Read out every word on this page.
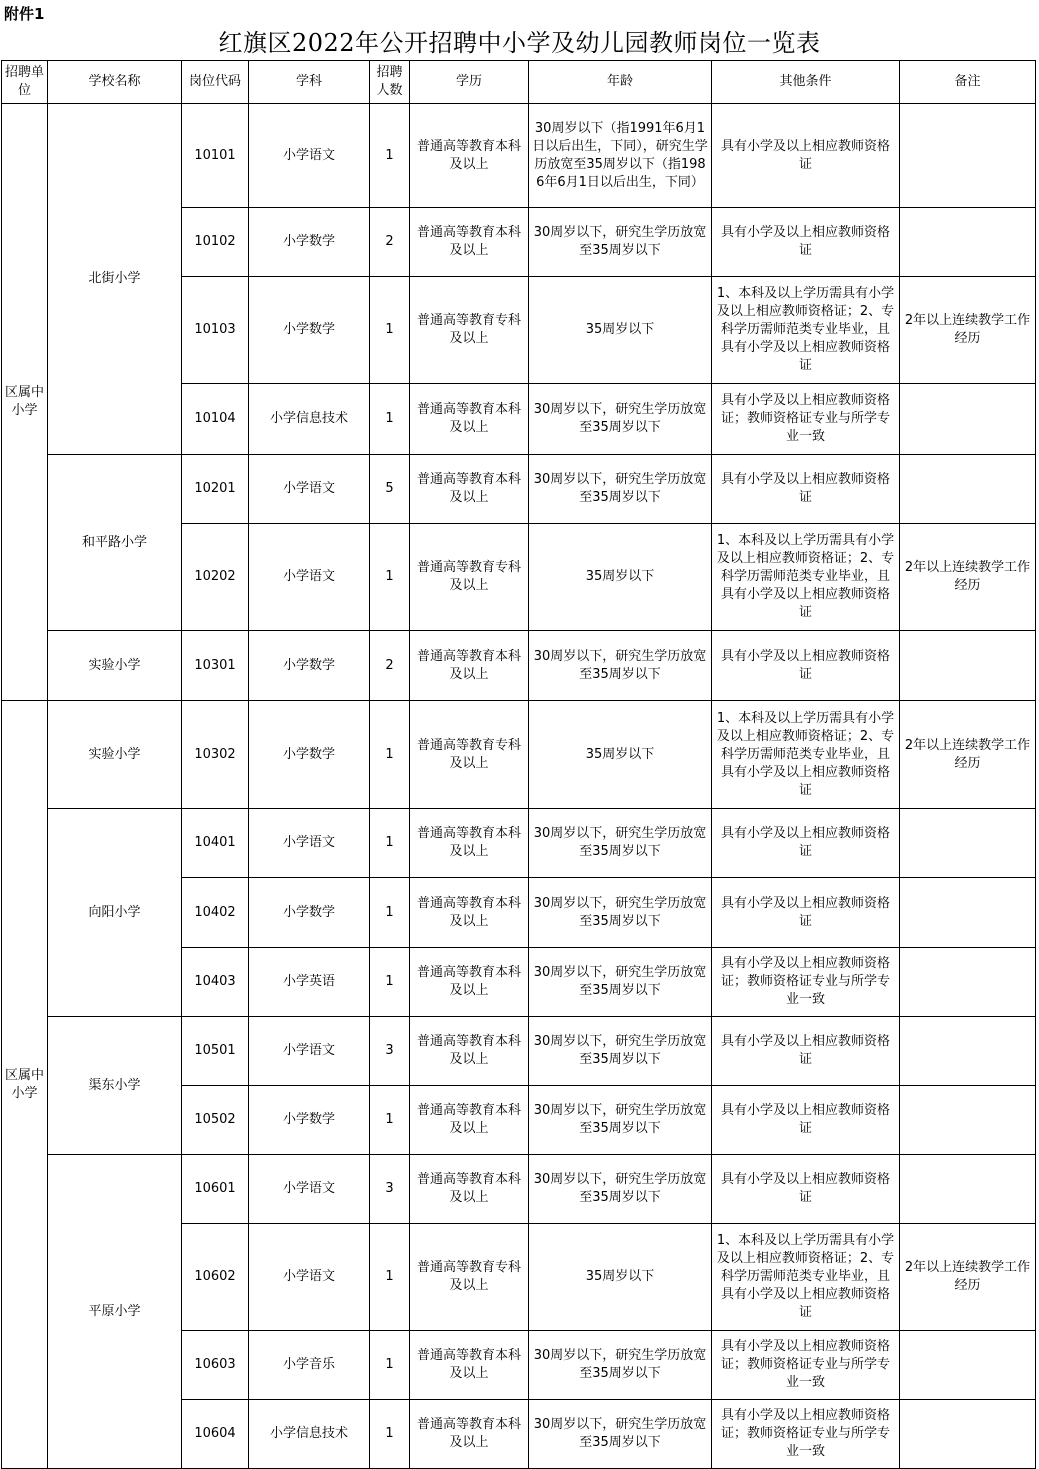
附件1
红旗区2022年公开招聘中小学及幼儿园教师岗位一览表
招聘单位	学校名称	岗位代码	学科	招聘人数	学历	年龄	其他条件	备注
区属中小学	北街小学	10101	小学语文	1	普通高等教育本科及以上	30周岁以下（指1991年6月1日以后出生，下同），研究生学历放宽至35周岁以下（指1986年6月1日以后出生，下同）	具有小学及以上相应教师资格证	
		10102	小学数学	2	普通高等教育本科及以上	30周岁以下，研究生学历放宽至35周岁以下	具有小学及以上相应教师资格证	
		10103	小学数学	1	普通高等教育专科及以上	35周岁以下	1、本科及以上学历需具有小学及以上相应教师资格证；2、专科学历需师范类专业毕业，且具有小学及以上相应教师资格证	2年以上连续教学工作经历
		10104	小学信息技术	1	普通高等教育本科及以上	30周岁以下，研究生学历放宽至35周岁以下	具有小学及以上相应教师资格证；教师资格证专业与所学专业一致	
	和平路小学	10201	小学语文	5	普通高等教育本科及以上	30周岁以下，研究生学历放宽至35周岁以下	具有小学及以上相应教师资格证	
		10202	小学语文	1	普通高等教育专科及以上	35周岁以下	1、本科及以上学历需具有小学及以上相应教师资格证；2、专科学历需师范类专业毕业，且具有小学及以上相应教师资格证	2年以上连续教学工作经历
	实验小学	10301	小学数学	2	普通高等教育本科及以上	30周岁以下，研究生学历放宽至35周岁以下	具有小学及以上相应教师资格证	
区属中小学	实验小学	10302	小学数学	1	普通高等教育专科及以上	35周岁以下	1、本科及以上学历需具有小学及以上相应教师资格证；2、专科学历需师范类专业毕业，且具有小学及以上相应教师资格证	2年以上连续教学工作经历
	向阳小学	10401	小学语文	1	普通高等教育本科及以上	30周岁以下，研究生学历放宽至35周岁以下	具有小学及以上相应教师资格证	
		10402	小学数学	1	普通高等教育本科及以上	30周岁以下，研究生学历放宽至35周岁以下	具有小学及以上相应教师资格证	
		10403	小学英语	1	普通高等教育本科及以上	30周岁以下，研究生学历放宽至35周岁以下	具有小学及以上相应教师资格证；教师资格证专业与所学专业一致	
	渠东小学	10501	小学语文	3	普通高等教育本科及以上	30周岁以下，研究生学历放宽至35周岁以下	具有小学及以上相应教师资格证	
		10502	小学数学	1	普通高等教育本科及以上	30周岁以下，研究生学历放宽至35周岁以下	具有小学及以上相应教师资格证	
	平原小学	10601	小学语文	3	普通高等教育本科及以上	30周岁以下，研究生学历放宽至35周岁以下	具有小学及以上相应教师资格证	
		10602	小学语文	1	普通高等教育专科及以上	35周岁以下	1、本科及以上学历需具有小学及以上相应教师资格证；2、专科学历需师范类专业毕业，且具有小学及以上相应教师资格证	2年以上连续教学工作经历
		10603	小学音乐	1	普通高等教育本科及以上	30周岁以下，研究生学历放宽至35周岁以下	具有小学及以上相应教师资格证；教师资格证专业与所学专业一致	
		10604	小学信息技术	1	普通高等教育本科及以上	30周岁以下，研究生学历放宽至35周岁以下	具有小学及以上相应教师资格证；教师资格证专业与所学专业一致	
